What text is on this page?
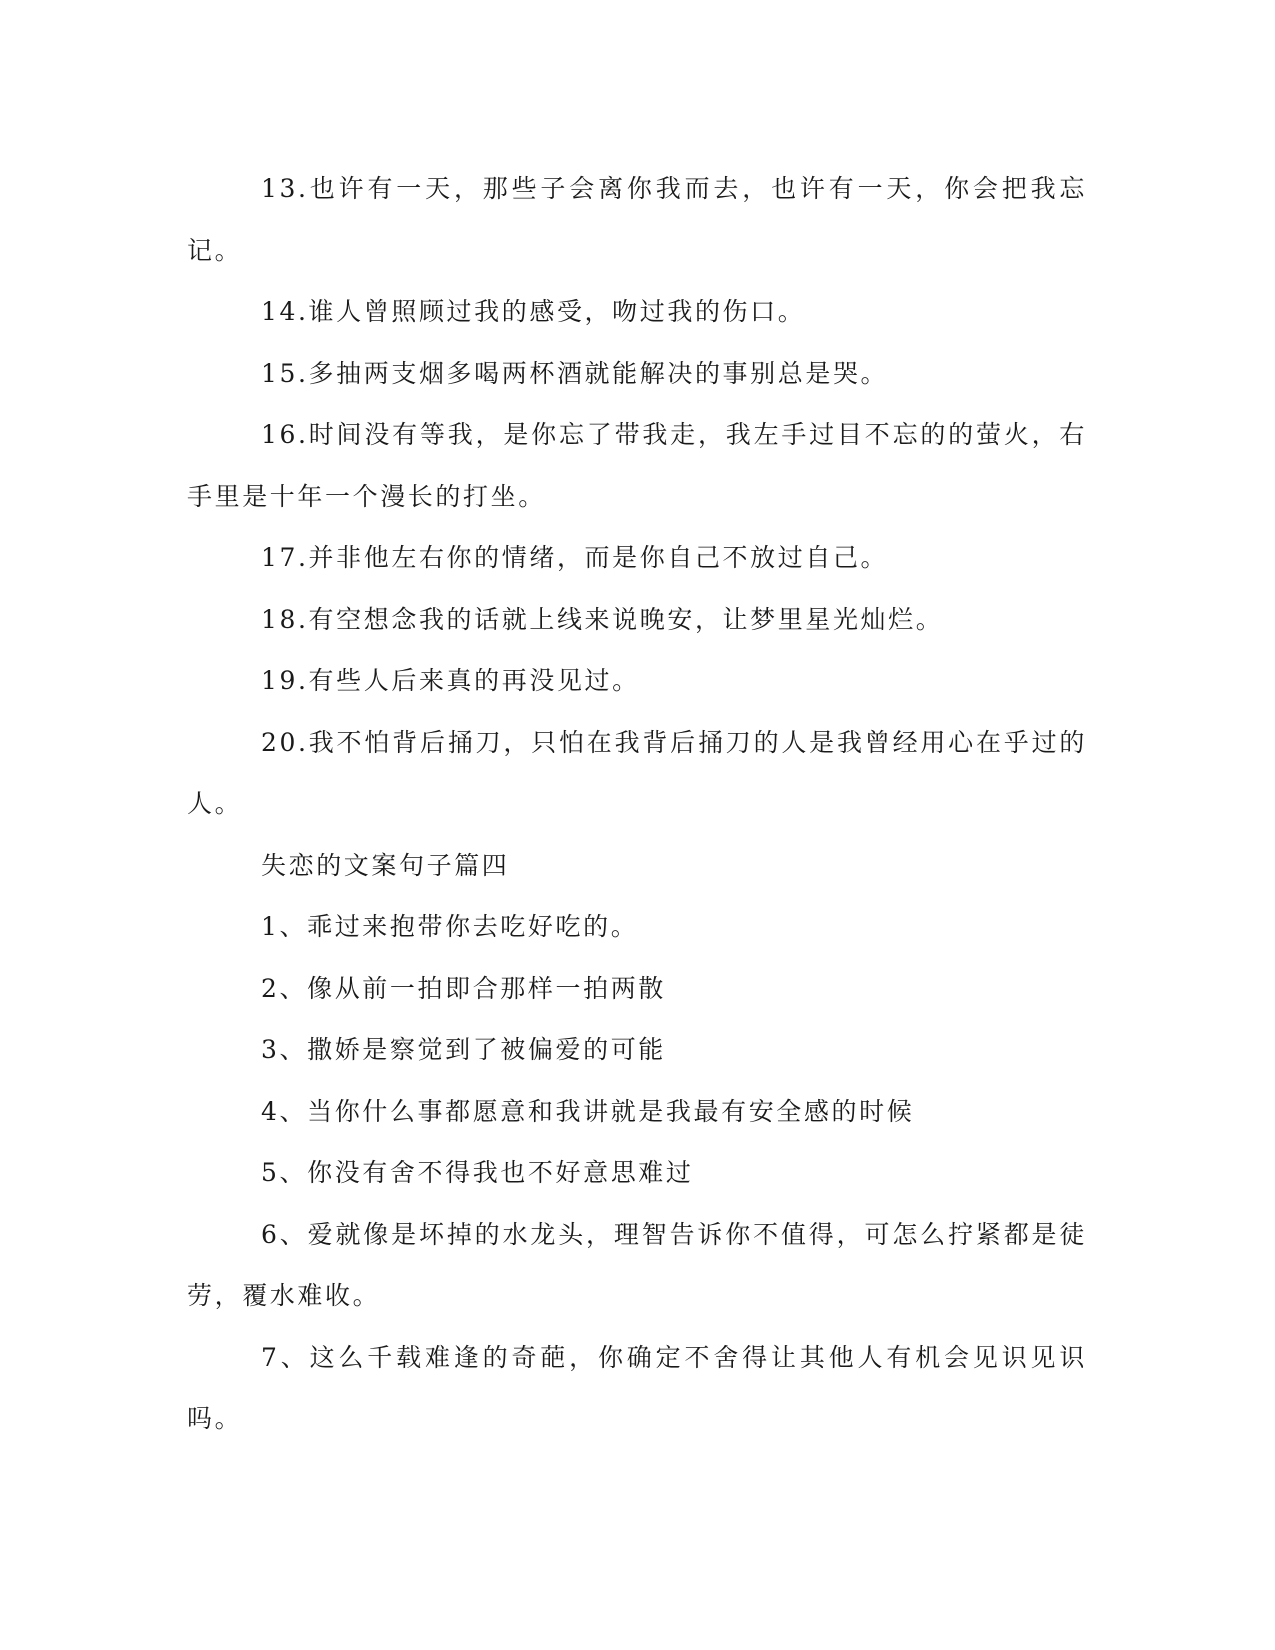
13.也许有一天，那些子会离你我而去，也许有一天，你会把我忘记。

14.谁人曾照顾过我的感受，吻过我的伤口。

15.多抽两支烟多喝两杯酒就能解决的事别总是哭。

16.时间没有等我，是你忘了带我走，我左手过目不忘的的萤火，右手里是十年一个漫长的打坐。

17.并非他左右你的情绪，而是你自己不放过自己。

18.有空想念我的话就上线来说晚安，让梦里星光灿烂。

19.有些人后来真的再没见过。

20.我不怕背后捅刀，只怕在我背后捅刀的人是我曾经用心在乎过的人。

失恋的文案句子篇四

1、乖过来抱带你去吃好吃的。

2、像从前一拍即合那样一拍两散

3、撒娇是察觉到了被偏爱的可能

4、当你什么事都愿意和我讲就是我最有安全感的时候

5、你没有舍不得我也不好意思难过

6、爱就像是坏掉的水龙头，理智告诉你不值得，可怎么拧紧都是徒劳，覆水难收。

7、这么千载难逢的奇葩，你确定不舍得让其他人有机会见识见识吗。
